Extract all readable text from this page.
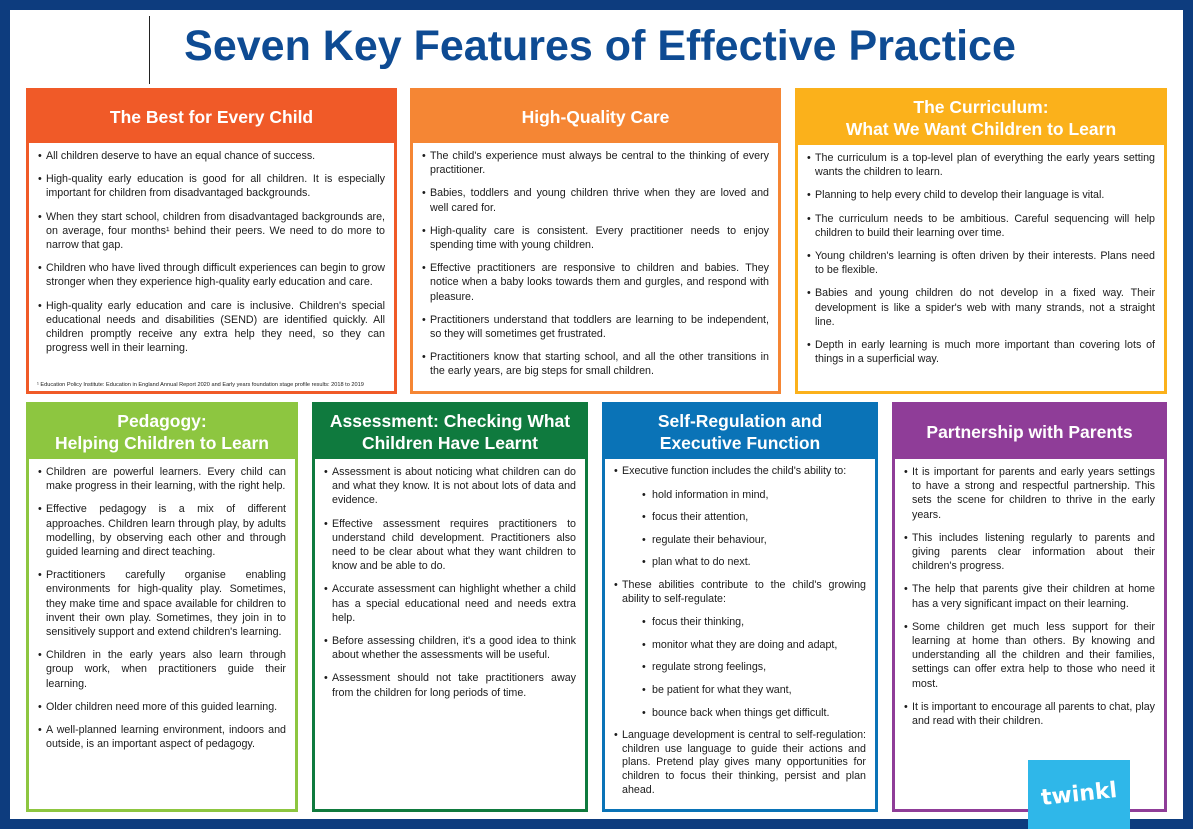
Seven Key Features of Effective Practice
The Best for Every Child
• All children deserve to have an equal chance of success.
• High-quality early education is good for all children. It is especially important for children from disadvantaged backgrounds.
• When they start school, children from disadvantaged backgrounds are, on average, four months¹ behind their peers. We need to do more to narrow that gap.
• Children who have lived through difficult experiences can begin to grow stronger when they experience high-quality early education and care.
• High-quality early education and care is inclusive. Children's special educational needs and disabilities (SEND) are identified quickly. All children promptly receive any extra help they need, so they can progress well in their learning.
¹ Education Policy Institute: Education in England Annual Report 2020 and Early years foundation stage profile results: 2018 to 2019
High-Quality Care
• The child's experience must always be central to the thinking of every practitioner.
• Babies, toddlers and young children thrive when they are loved and well cared for.
• High-quality care is consistent. Every practitioner needs to enjoy spending time with young children.
• Effective practitioners are responsive to children and babies. They notice when a baby looks towards them and gurgles, and respond with pleasure.
• Practitioners understand that toddlers are learning to be independent, so they will sometimes get frustrated.
• Practitioners know that starting school, and all the other transitions in the early years, are big steps for small children.
The Curriculum:
What We Want Children to Learn
• The curriculum is a top-level plan of everything the early years setting wants the children to learn.
• Planning to help every child to develop their language is vital.
• The curriculum needs to be ambitious. Careful sequencing will help children to build their learning over time.
• Young children's learning is often driven by their interests. Plans need to be flexible.
• Babies and young children do not develop in a fixed way. Their development is like a spider's web with many strands, not a straight line.
• Depth in early learning is much more important than covering lots of things in a superficial way.
Pedagogy:
Helping Children to Learn
• Children are powerful learners. Every child can make progress in their learning, with the right help.
• Effective pedagogy is a mix of different approaches. Children learn through play, by adults modelling, by observing each other and through guided learning and direct teaching.
• Practitioners carefully organise enabling environments for high-quality play. Sometimes, they make time and space available for children to invent their own play. Sometimes, they join in to sensitively support and extend children's learning.
• Children in the early years also learn through group work, when practitioners guide their learning.
• Older children need more of this guided learning.
• A well-planned learning environment, indoors and outside, is an important aspect of pedagogy.
Assessment: Checking What
Children Have Learnt
• Assessment is about noticing what children can do and what they know. It is not about lots of data and evidence.
• Effective assessment requires practitioners to understand child development. Practitioners also need to be clear about what they want children to know and be able to do.
• Accurate assessment can highlight whether a child has a special educational need and needs extra help.
• Before assessing children, it's a good idea to think about whether the assessments will be useful.
• Assessment should not take practitioners away from the children for long periods of time.
Self-Regulation and
Executive Function
• Executive function includes the child's ability to:
• hold information in mind,
• focus their attention,
• regulate their behaviour,
• plan what to do next.
• These abilities contribute to the child's growing ability to self-regulate:
• focus their thinking,
• monitor what they are doing and adapt,
• regulate strong feelings,
• be patient for what they want,
• bounce back when things get difficult.
• Language development is central to self-regulation: children use language to guide their actions and plans. Pretend play gives many opportunities for children to focus their thinking, persist and plan ahead.
Partnership with Parents
• It is important for parents and early years settings to have a strong and respectful partnership. This sets the scene for children to thrive in the early years.
• This includes listening regularly to parents and giving parents clear information about their children's progress.
• The help that parents give their children at home has a very significant impact on their learning.
• Some children get much less support for their learning at home than others. By knowing and understanding all the children and their families, settings can offer extra help to those who need it most.
• It is important to encourage all parents to chat, play and read with their children.
twinkl
